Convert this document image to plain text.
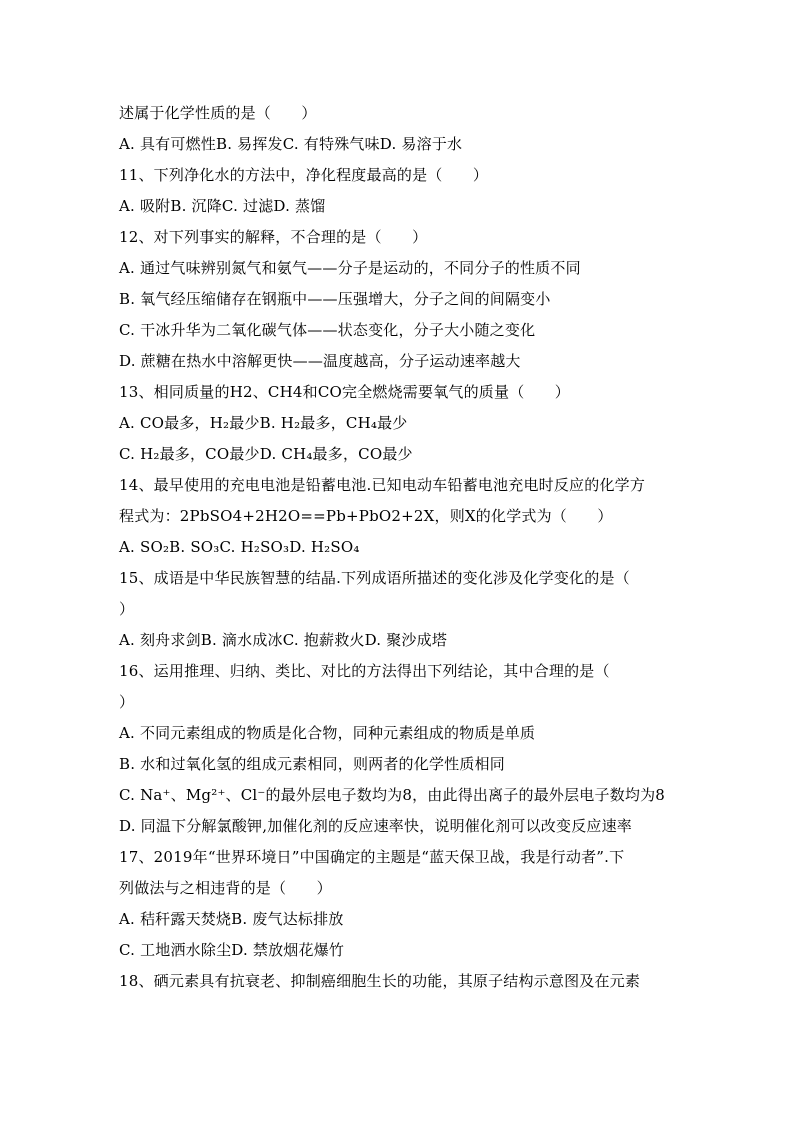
述属于化学性质的是（　　）
A. 具有可燃性B. 易挥发C. 有特殊气味D. 易溶于水
11、下列净化水的方法中，净化程度最高的是（　　）
A. 吸附B. 沉降C. 过滤D. 蒸馏
12、对下列事实的解释，不合理的是（　　）
A. 通过气味辨别氮气和氨气——分子是运动的，不同分子的性质不同
B. 氧气经压缩储存在钢瓶中——压强增大，分子之间的间隔变小
C. 干冰升华为二氧化碳气体——状态变化，分子大小随之变化
D. 蔗糖在热水中溶解更快——温度越高，分子运动速率越大
13、相同质量的H2、CH4和CO完全燃烧需要氧气的质量（　　）
A. CO最多，H₂最少B. H₂最多，CH₄最少
C. H₂最多，CO最少D. CH₄最多，CO最少
14、最早使用的充电电池是铅蓄电池.已知电动车铅蓄电池充电时反应的化学方
程式为：2PbSO4+2H2O==Pb+PbO2+2X，则X的化学式为（　　）
A. SO₂B. SO₃C. H₂SO₃D. H₂SO₄
15、成语是中华民族智慧的结晶.下列成语所描述的变化涉及化学变化的是（
）
A. 刻舟求剑B. 滴水成冰C. 抱薪救火D. 聚沙成塔
16、运用推理、归纳、类比、对比的方法得出下列结论，其中合理的是（
）
A. 不同元素组成的物质是化合物，同种元素组成的物质是单质
B. 水和过氧化氢的组成元素相同，则两者的化学性质相同
C. Na⁺、Mg²⁺、Cl⁻的最外层电子数均为8，由此得出离子的最外层电子数均为8
D. 同温下分解氯酸钾,加催化剂的反应速率快，说明催化剂可以改变反应速率
17、2019年“世界环境日”中国确定的主题是“蓝天保卫战，我是行动者”.下
列做法与之相违背的是（　　）
A. 秸秆露天焚烧B. 废气达标排放
C. 工地洒水除尘D. 禁放烟花爆竹
18、硒元素具有抗衰老、抑制癌细胞生长的功能，其原子结构示意图及在元素
